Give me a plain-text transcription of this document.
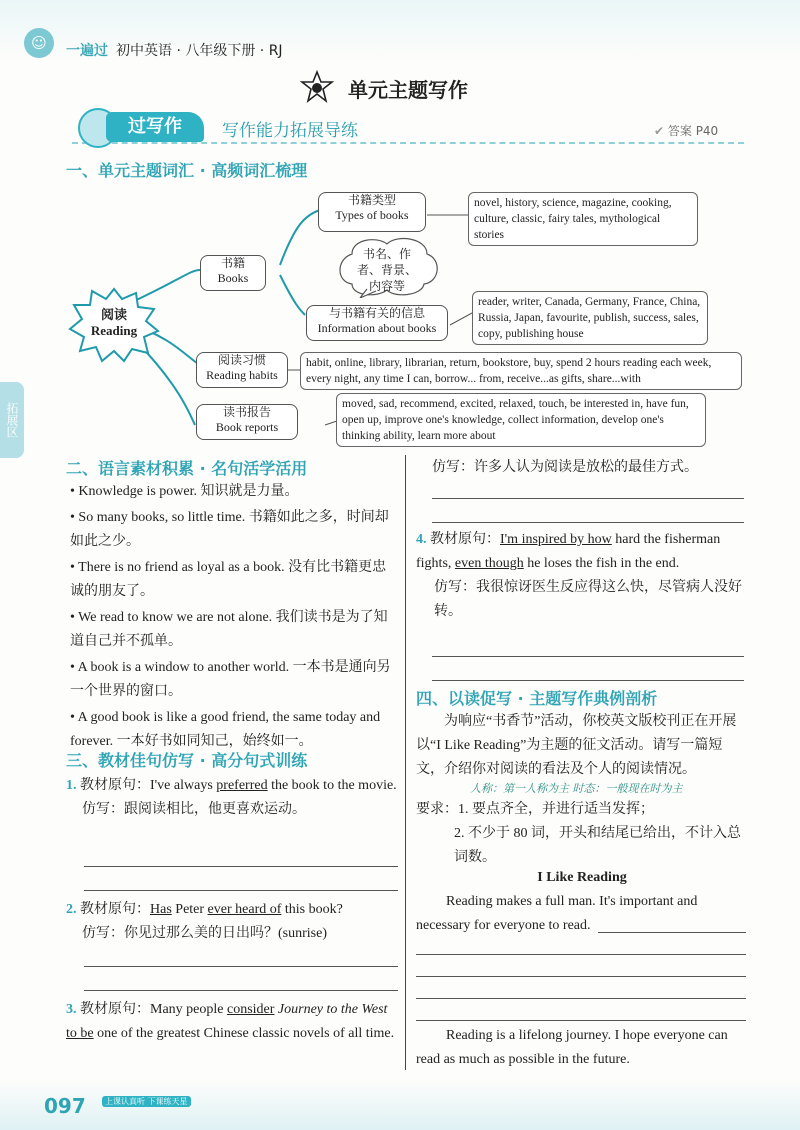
☺	一遍过 初中英语 · 八年级下册 · RJ
单元主题写作
过写作	写作能力拓展导练	✔ 答案 P40
拓展区
一、单元主题词汇 · 高频词汇梳理
阅读
Reading
书籍
Books
书籍类型
Types of books
novel, history, science, magazine, cooking, culture, classic, fairy tales, mythological stories
书名、作者、背景、内容等
与书籍有关的信息
Information about books
reader, writer, Canada, Germany, France, China, Russia, Japan, favourite, publish, success, sales, copy, publishing house
阅读习惯
Reading habits
habit, online, library, librarian, return, bookstore, buy, spend 2 hours reading each week, every night, any time I can, borrow... from, receive...as gifts, share...with
读书报告
Book reports
moved, sad, recommend, excited, relaxed, touch, be interested in, have fun, open up, improve one's knowledge, collect information, develop one's thinking ability, learn more about
二、语言素材积累 · 名句活学活用
• Knowledge is power. 知识就是力量。
• So many books, so little time. 书籍如此之多，时间却如此之少。
• There is no friend as loyal as a book. 没有比书籍更忠诚的朋友了。
• We read to know we are not alone. 我们读书是为了知道自己并不孤单。
• A book is a window to another world. 一本书是通向另一个世界的窗口。
• A good book is like a good friend, the same today and forever. 一本好书如同知己，始终如一。
三、教材佳句仿写 · 高分句式训练
1. 教材原句：I've always preferred the book to the movie.
仿写：跟阅读相比，他更喜欢运动。
2. 教材原句：Has Peter ever heard of this book?
仿写：你见过那么美的日出吗？(sunrise)
3. 教材原句：Many people consider Journey to the West to be one of the greatest Chinese classic novels of all time.
仿写：许多人认为阅读是放松的最佳方式。
4. 教材原句：I'm inspired by how hard the fisherman fights, even though he loses the fish in the end.
仿写：我很惊讶医生反应得这么快，尽管病人没好转。
四、以读促写 · 主题写作典例剖析
为响应“书香节”活动，你校英文版校刊正在开展以“I Like Reading”为主题的征文活动。请写一篇短文，介绍你对阅读的看法及个人的阅读情况。
人称：第一人称为主 时态：一般现在时为主
要求：1. 要点齐全，并进行适当发挥；
2. 不少于 80 词，开头和结尾已给出，不计入总词数。
I Like Reading
Reading makes a full man. It's important and necessary for everyone to read.
Reading is a lifelong journey. I hope everyone can read as much as possible in the future.
097	上课认真听 下课练天星
